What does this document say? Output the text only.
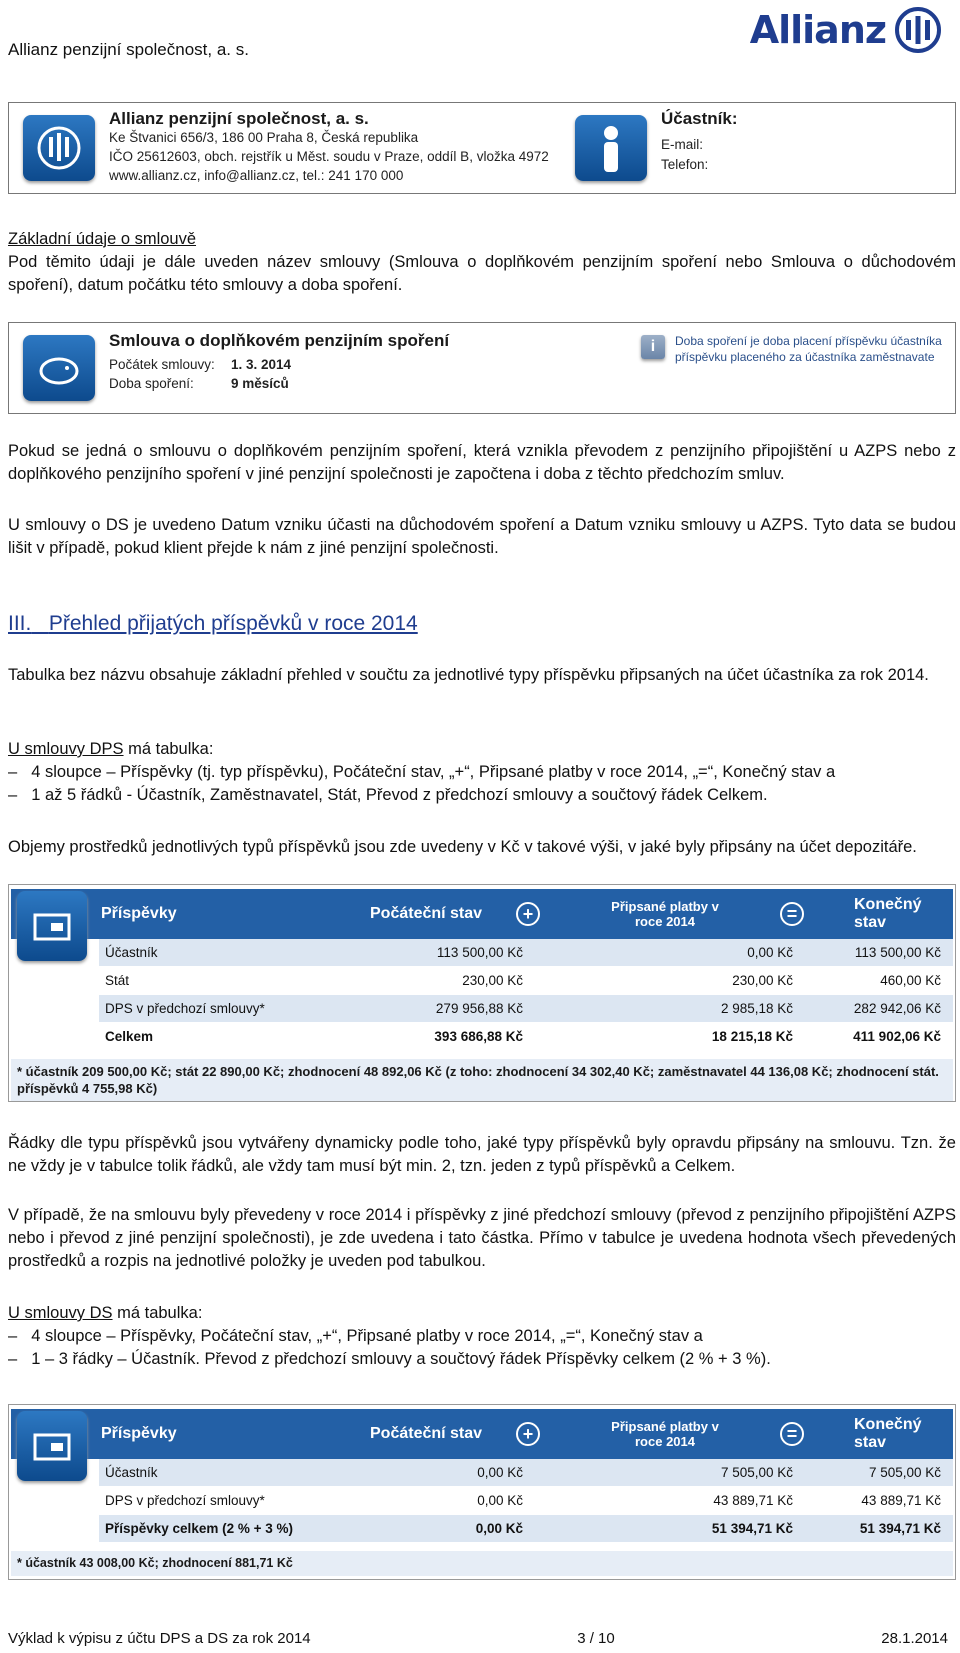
Allianz penzijní společnost, a. s.	Allianz
Allianz penzijní společnost, a. s.
Ke Štvanici 656/3, 186 00 Praha 8, Česká republika
IČO 25612603, obch. rejstřík u Měst. soudu v Praze, oddíl B, vložka 4972
www.allianz.cz, info@allianz.cz, tel.: 241 170 000
Účastník:
E-mail:
Telefon:
Základní údaje o smlouvě
Pod těmito údaji je dále uveden název smlouvy (Smlouva o doplňkovém penzijním spoření nebo Smlouva o důchodovém spoření), datum počátku této smlouvy a doba spoření.
Smlouva o doplňkovém penzijním spoření
Počátek smlouvy: 1. 3. 2014
Doba spoření:	9 měsíců
i	Doba spoření je doba placení příspěvku účastníka příspěvku placeného za účastníka zaměstnavate
Pokud se jedná o smlouvu o doplňkovém penzijním spoření, která vznikla převodem z penzijního připojištění u AZPS nebo z doplňkového penzijního spoření v jiné penzijní společnosti je započtena i doba z těchto předchozím smluv.
U smlouvy o DS je uvedeno Datum vzniku účasti na důchodovém spoření a Datum vzniku smlouvy u AZPS. Tyto data se budou lišit v případě, pokud klient přejde k nám z jiné penzijní společnosti.
III. Přehled přijatých příspěvků v roce 2014
Tabulka bez názvu obsahuje základní přehled v součtu za jednotlivé typy příspěvku připsaných na účet účastníka za rok 2014.
U smlouvy DPS má tabulka:
– 4 sloupce – Příspěvky (tj. typ příspěvku), Počáteční stav, „+“, Připsané platby v roce 2014, „=“, Konečný stav a
– 1 až 5 řádků - Účastník, Zaměstnavatel, Stát, Převod z předchozí smlouvy a součtový řádek Celkem.
Objemy prostředků jednotlivých typů příspěvků jsou zde uvedeny v Kč v takové výši, v jaké byly připsány na účet depozitáře.
Příspěvky	Počáteční stav	+	Připsané platby v roce 2014	=	Konečný stav
Účastník	113 500,00 Kč	0,00 Kč	113 500,00 Kč
Stát	230,00 Kč	230,00 Kč	460,00 Kč
DPS v předchozí smlouvy*	279 956,88 Kč	2 985,18 Kč	282 942,06 Kč
Celkem	393 686,88 Kč	18 215,18 Kč	411 902,06 Kč
* účastník 209 500,00 Kč; stát 22 890,00 Kč; zhodnocení 48 892,06 Kč (z toho: zhodnocení 34 302,40 Kč; zaměstnavatel 44 136,08 Kč; zhodnocení stát. příspěvků 4 755,98 Kč)
Řádky dle typu příspěvků jsou vytvářeny dynamicky podle toho, jaké typy příspěvků byly opravdu připsány na smlouvu. Tzn. že ne vždy je v tabulce tolik řádků, ale vždy tam musí být min. 2, tzn. jeden z typů příspěvků a Celkem.
V případě, že na smlouvu byly převedeny v roce 2014 i příspěvky z jiné předchozí smlouvy (převod z penzijního připojištění AZPS nebo i převod z jiné penzijní společnosti), je zde uvedena i tato částka. Přímo v tabulce je uvedena hodnota všech převedených prostředků a rozpis na jednotlivé položky je uveden pod tabulkou.
U smlouvy DS má tabulka:
– 4 sloupce – Příspěvky, Počáteční stav, „+“, Připsané platby v roce 2014, „=“, Konečný stav a
– 1 – 3 řádky – Účastník. Převod z předchozí smlouvy a součtový řádek Příspěvky celkem (2 % + 3 %).
Příspěvky	Počáteční stav	+	Připsané platby v roce 2014	=	Konečný stav
Účastník	0,00 Kč	7 505,00 Kč	7 505,00 Kč
DPS v předchozí smlouvy*	0,00 Kč	43 889,71 Kč	43 889,71 Kč
Příspěvky celkem (2 % + 3 %)	0,00 Kč	51 394,71 Kč	51 394,71 Kč
* účastník 43 008,00 Kč; zhodnocení 881,71 Kč
Výklad k výpisu z účtu DPS a DS za rok 2014	3 / 10	28.1.2014
